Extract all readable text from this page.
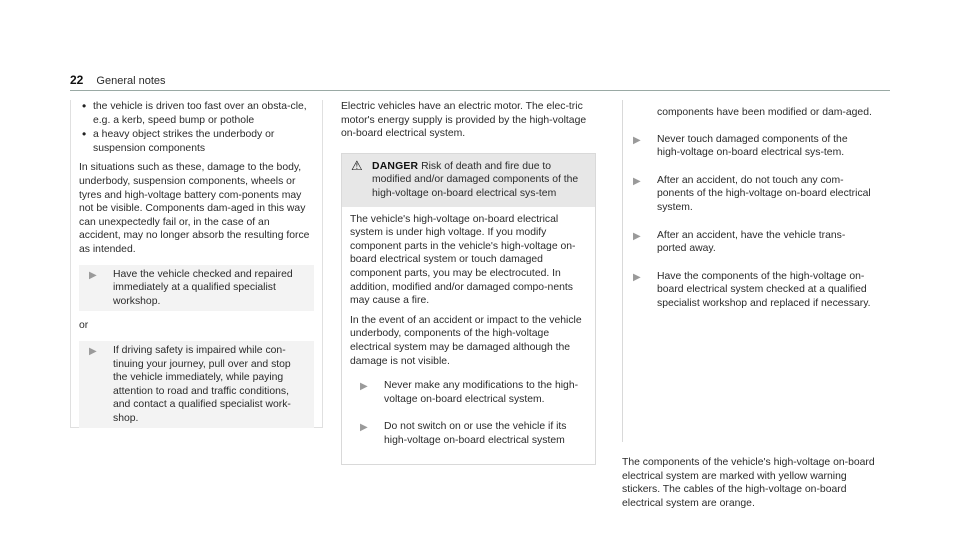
22 General notes

• the vehicle is driven too fast over an obsta-cle, e.g. a kerb, speed bump or pothole

• a heavy object strikes the underbody or suspension components

In situations such as these, damage to the body, underbody, suspension components, wheels or tyres and high-voltage battery com-ponents may not be visible. Components dam-aged in this way can unexpectedly fail or, in the case of an accident, may no longer absorb the resulting force as intended.

▶ Have the vehicle checked and repaired immediately at a qualified specialist workshop.

or

▶ If driving safety is impaired while con-tinuing your journey, pull over and stop the vehicle immediately, while paying attention to road and traffic conditions, and contact a qualified specialist work-shop.

Electric vehicles have an electric motor. The elec-tric motor's energy supply is provided by the high-voltage on-board electrical system.

⚠ DANGER Risk of death and fire due to modified and/or damaged components of the high-voltage on-board electrical sys-tem

The vehicle's high-voltage on-board electrical system is under high voltage. If you modify component parts in the vehicle's high-voltage on-board electrical system or touch damaged component parts, you may be electrocuted. In addition, modified and/or damaged compo-nents may cause a fire.

In the event of an accident or impact to the vehicle underbody, components of the high-voltage electrical system may be damaged although the damage is not visible.

▶ Never make any modifications to the high-voltage on-board electrical system.
▶ Do not switch on or use the vehicle if its high-voltage on-board electrical system
components have been modified or dam-aged.
▶ Never touch damaged components of the high-voltage on-board electrical sys-tem.
▶ After an accident, do not touch any com-ponents of the high-voltage on-board electrical system.
▶ After an accident, have the vehicle trans-ported away.
▶ Have the components of the high-voltage on-board electrical system checked at a qualified specialist workshop and replaced if necessary.

The components of the vehicle's high-voltage on-board electrical system are marked with yellow warning stickers. The cables of the high-voltage on-board electrical system are orange.
